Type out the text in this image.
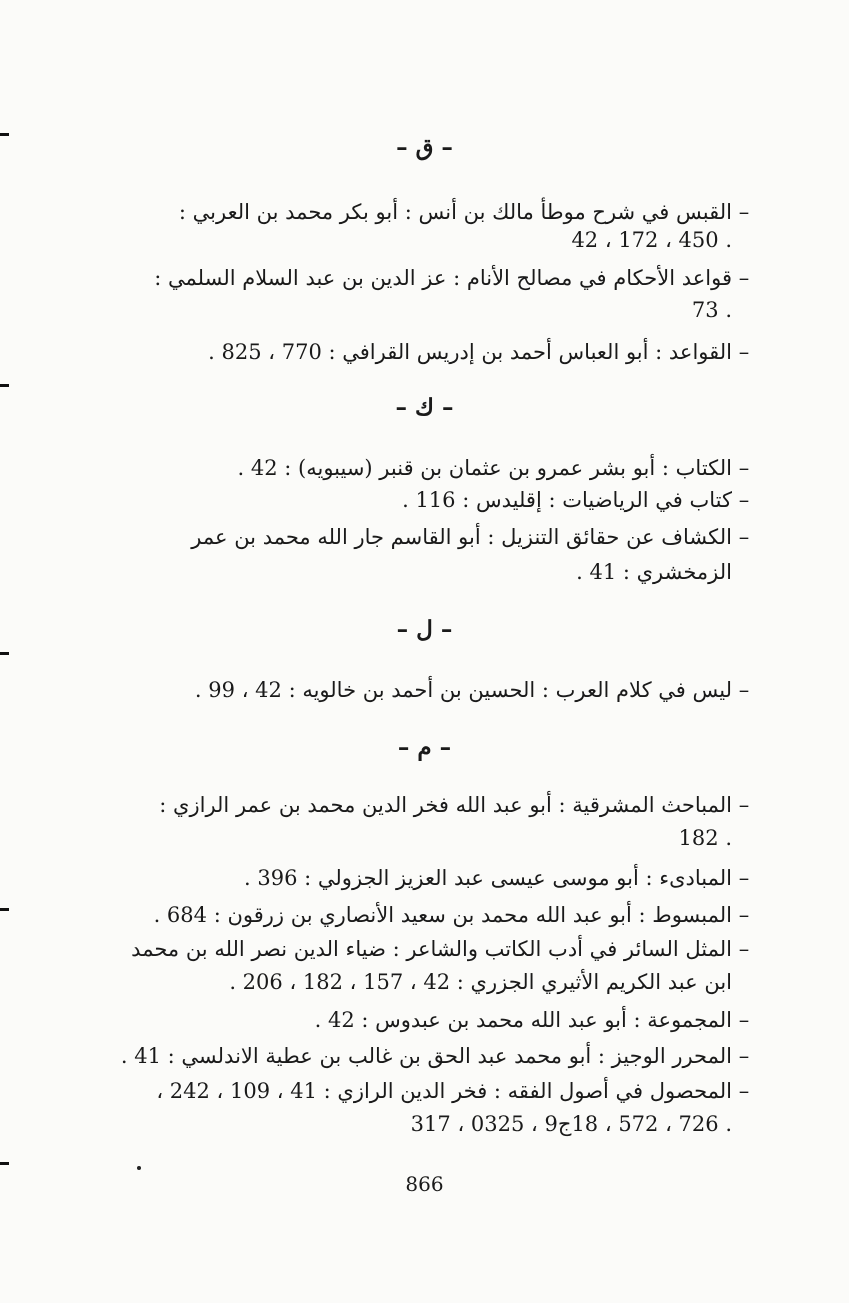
– ق –
–القبس في شرح موطأ مالك بن أنس : أبو بكر محمد بن العربي :
. 450 ، 172 ، 42
–قواعد الأحكام في مصالح الأنام : عز الدين بن عبد السلام السلمي :
. 73
–القواعد : أبو العباس أحمد بن إدريس القرافي : 770 ، 825 .
– ك –
–الكتاب : أبو بشر عمرو بن عثمان بن قنبر (سيبويه) : 42 .
–كتاب في الرياضيات : إقليدس : 116 .
–الكشاف عن حقائق التنزيل : أبو القاسم جار الله محمد بن عمر
الزمخشري : 41 .
– ل –
–ليس في كلام العرب : الحسين بن أحمد بن خالويه : 42 ، 99 .
– م –
–المباحث المشرقية : أبو عبد الله فخر الدين محمد بن عمر الرازي :
. 182
–المبادىء : أبو موسى عيسى عبد العزيز الجزولي : 396 .
–المبسوط : أبو عبد الله محمد بن سعيد الأنصاري بن زرقون : 684 .
–المثل السائر في أدب الكاتب والشاعر : ضياء الدين نصر الله بن محمد
ابن عبد الكريم الأثيري الجزري : 42 ، 157 ، 182 ، 206 .
–المجموعة : أبو عبد الله محمد بن عبدوس : 42 .
–المحرر الوجيز : أبو محمد عبد الحق بن غالب بن عطية الاندلسي : 41 .
–المحصول في أصول الفقه : فخر الدين الرازي : 41 ، 109 ، 242 ،
. 726 ، 572 ، 18ج9 ، 0325 ، 317
866
